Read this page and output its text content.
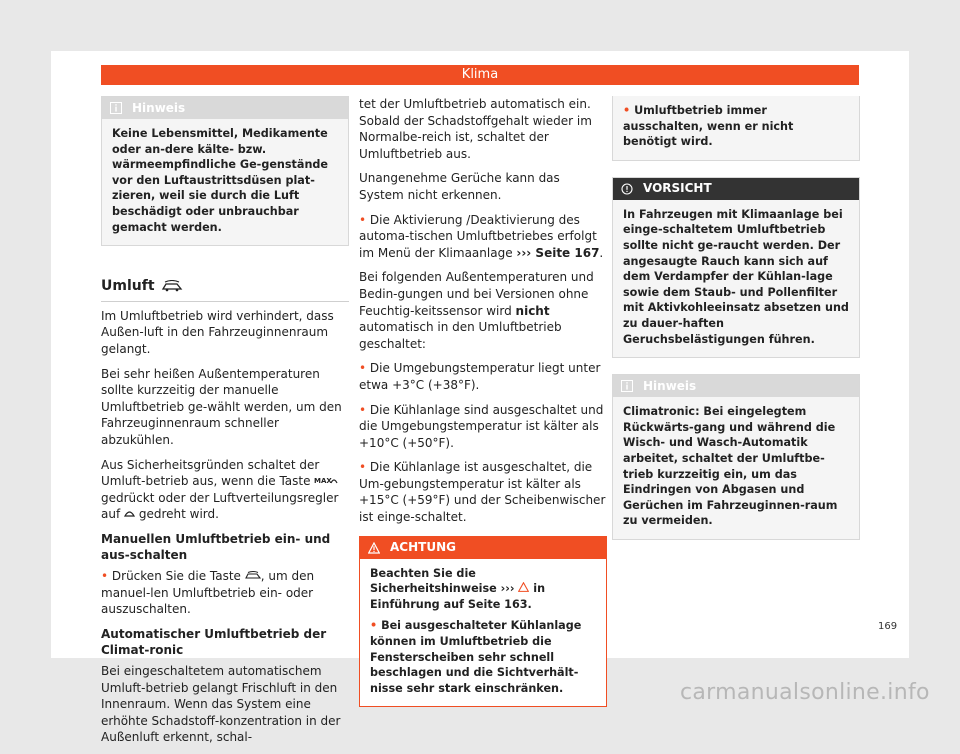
Klima
Hinweis
Keine Lebensmittel, Medikamente oder an-dere kälte- bzw. wärmeempfindliche Ge-genstände vor den Luftaustrittsdüsen plat-zieren, weil sie durch die Luft beschädigt oder unbrauchbar gemacht werden.
Umluft

Im Umluftbetrieb wird verhindert, dass Außen-luft in den Fahrzeuginnenraum gelangt.

Bei sehr heißen Außentemperaturen sollte kurzzeitig der manuelle Umluftbetrieb ge-wählt werden, um den Fahrzeuginnenraum schneller abzukühlen.

Aus Sicherheitsgründen schaltet der Umluft-betrieb aus, wenn die Taste MAX
gedrückt oder der Luftverteilungsregler auf gedreht wird.

Manuellen Umluftbetrieb ein- und aus-schalten

• Drücken Sie die Taste , um den manuel-len Umluftbetrieb ein- oder auszuschalten.

Automatischer Umluftbetrieb der Climat-ronic

Bei eingeschaltetem automatischem Umluft-betrieb gelangt Frischluft in den Innenraum. Wenn das System eine erhöhte Schadstoff-konzentration in der Außenluft erkennt, schal-

tet der Umluftbetrieb automatisch ein. Sobald der Schadstoffgehalt wieder im Normalbe-reich ist, schaltet der Umluftbetrieb aus.

Unangenehme Gerüche kann das System nicht erkennen.

• Die Aktivierung /Deaktivierung des automa-tischen Umluftbetriebes erfolgt im Menü der Klimaanlage ››› Seite 167.

Bei folgenden Außentemperaturen und Bedin-gungen und bei Versionen ohne Feuchtig-keitssensor wird nicht automatisch in den Umluftbetrieb geschaltet:

• Die Umgebungstemperatur liegt unter etwa +3°C (+38°F).

• Die Kühlanlage sind ausgeschaltet und die Umgebungstemperatur ist kälter als +10°C (+50°F).

• Die Kühlanlage ist ausgeschaltet, die Um-gebungstemperatur ist kälter als +15°C (+59°F) und der Scheibenwischer ist einge-schaltet.

ACHTUNG
Beachten Sie die Sicherheitshinweise ››› in Einführung auf Seite 163.
• Bei ausgeschalteter Kühlanlage können im Umluftbetrieb die Fensterscheiben sehr schnell beschlagen und die Sichtverhält-nisse sehr stark einschränken.
• Umluftbetrieb immer ausschalten, wenn er nicht benötigt wird.
VORSICHT
In Fahrzeugen mit Klimaanlage bei einge-schaltetem Umluftbetrieb sollte nicht ge-raucht werden. Der angesaugte Rauch kann sich auf dem Verdampfer der Kühlan-lage sowie dem Staub- und Pollenfilter mit Aktivkohleeinsatz absetzen und zu dauer-haften Geruchsbelästigungen führen.
Hinweis
Climatronic: Bei eingelegtem Rückwärts-gang und während die Wisch- und Wasch-Automatik arbeitet, schaltet der Umluftbe-trieb kurzzeitig ein, um das Eindringen von Abgasen und Gerüchen im Fahrzeuginnen-raum zu vermeiden.
169
carmanualsonline.info
